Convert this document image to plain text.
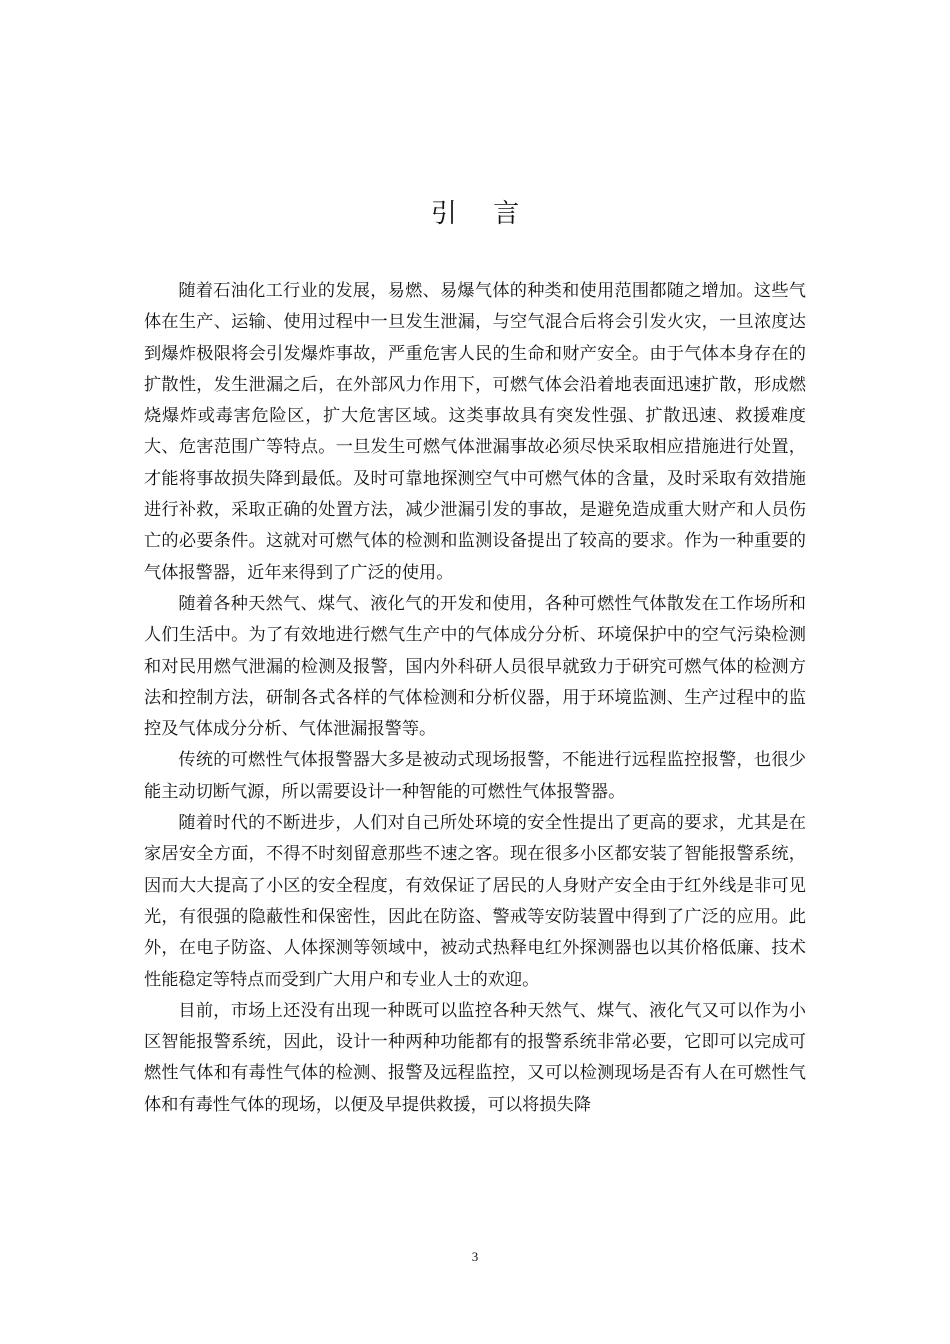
引 言

随着石油化工行业的发展，易燃、易爆气体的种类和使用范围都随之增加。这些气体在生产、运输、使用过程中一旦发生泄漏，与空气混合后将会引发火灾，一旦浓度达到爆炸极限将会引发爆炸事故，严重危害人民的生命和财产安全。由于气体本身存在的扩散性，发生泄漏之后，在外部风力作用下，可燃气体会沿着地表面迅速扩散，形成燃烧爆炸或毒害危险区，扩大危害区域。这类事故具有突发性强、扩散迅速、救援难度大、危害范围广等特点。一旦发生可燃气体泄漏事故必须尽快采取相应措施进行处置，才能将事故损失降到最低。及时可靠地探测空气中可燃气体的含量，及时采取有效措施进行补救，采取正确的处置方法，减少泄漏引发的事故，是避免造成重大财产和人员伤亡的必要条件。这就对可燃气体的检测和监测设备提出了较高的要求。作为一种重要的气体报警器，近年来得到了广泛的使用。

随着各种天然气、煤气、液化气的开发和使用，各种可燃性气体散发在工作场所和人们生活中。为了有效地进行燃气生产中的气体成分分析、环境保护中的空气污染检测和对民用燃气泄漏的检测及报警，国内外科研人员很早就致力于研究可燃气体的检测方法和控制方法，研制各式各样的气体检测和分析仪器，用于环境监测、生产过程中的监控及气体成分分析、气体泄漏报警等。

传统的可燃性气体报警器大多是被动式现场报警，不能进行远程监控报警，也很少能主动切断气源，所以需要设计一种智能的可燃性气体报警器。

随着时代的不断进步，人们对自己所处环境的安全性提出了更高的要求，尤其是在家居安全方面，不得不时刻留意那些不速之客。现在很多小区都安装了智能报警系统，因而大大提高了小区的安全程度，有效保证了居民的人身财产安全由于红外线是非可见光，有很强的隐蔽性和保密性，因此在防盗、警戒等安防装置中得到了广泛的应用。此外，在电子防盗、人体探测等领域中，被动式热释电红外探测器也以其价格低廉、技术性能稳定等特点而受到广大用户和专业人士的欢迎。

目前，市场上还没有出现一种既可以监控各种天然气、煤气、液化气又可以作为小区智能报警系统，因此，设计一种两种功能都有的报警系统非常必要，它即可以完成可燃性气体和有毒性气体的检测、报警及远程监控，又可以检测现场是否有人在可燃性气体和有毒性气体的现场，以便及早提供救援，可以将损失降

3
